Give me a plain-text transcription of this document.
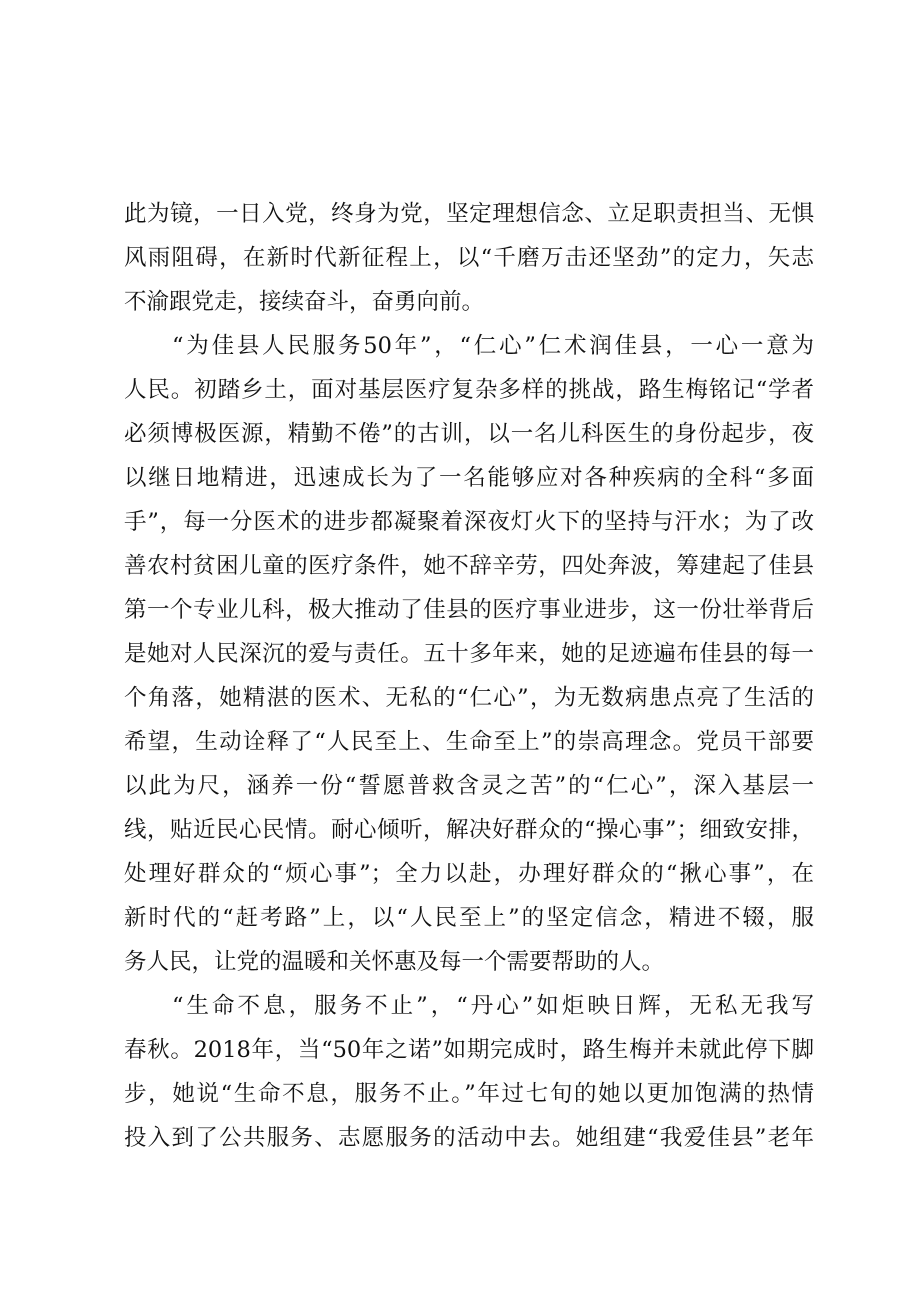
此为镜，一日入党，终身为党，坚定理想信念、立足职责担当、无惧
风雨阻碍，在新时代新征程上，以“千磨万击还坚劲”的定力，矢志
不渝跟党走，接续奋斗，奋勇向前。
“为佳县人民服务50年”，“仁心”仁术润佳县，一心一意为
人民。初踏乡土，面对基层医疗复杂多样的挑战，路生梅铭记“学者
必须博极医源，精勤不倦”的古训，以一名儿科医生的身份起步，夜
以继日地精进，迅速成长为了一名能够应对各种疾病的全科“多面
手”，每一分医术的进步都凝聚着深夜灯火下的坚持与汗水；为了改
善农村贫困儿童的医疗条件，她不辞辛劳，四处奔波，筹建起了佳县
第一个专业儿科，极大推动了佳县的医疗事业进步，这一份壮举背后
是她对人民深沉的爱与责任。五十多年来，她的足迹遍布佳县的每一
个角落，她精湛的医术、无私的“仁心”，为无数病患点亮了生活的
希望，生动诠释了“人民至上、生命至上”的崇高理念。党员干部要
以此为尺，涵养一份“誓愿普救含灵之苦”的“仁心”，深入基层一
线，贴近民心民情。耐心倾听，解决好群众的“操心事”；细致安排，
处理好群众的“烦心事”；全力以赴，办理好群众的“揪心事”，在
新时代的“赶考路”上，以“人民至上”的坚定信念，精进不辍，服
务人民，让党的温暖和关怀惠及每一个需要帮助的人。
“生命不息，服务不止”，“丹心”如炬映日辉，无私无我写
春秋。2018年，当“50年之诺”如期完成时，路生梅并未就此停下脚
步，她说“生命不息，服务不止。”年过七旬的她以更加饱满的热情
投入到了公共服务、志愿服务的活动中去。她组建“我爱佳县”老年
